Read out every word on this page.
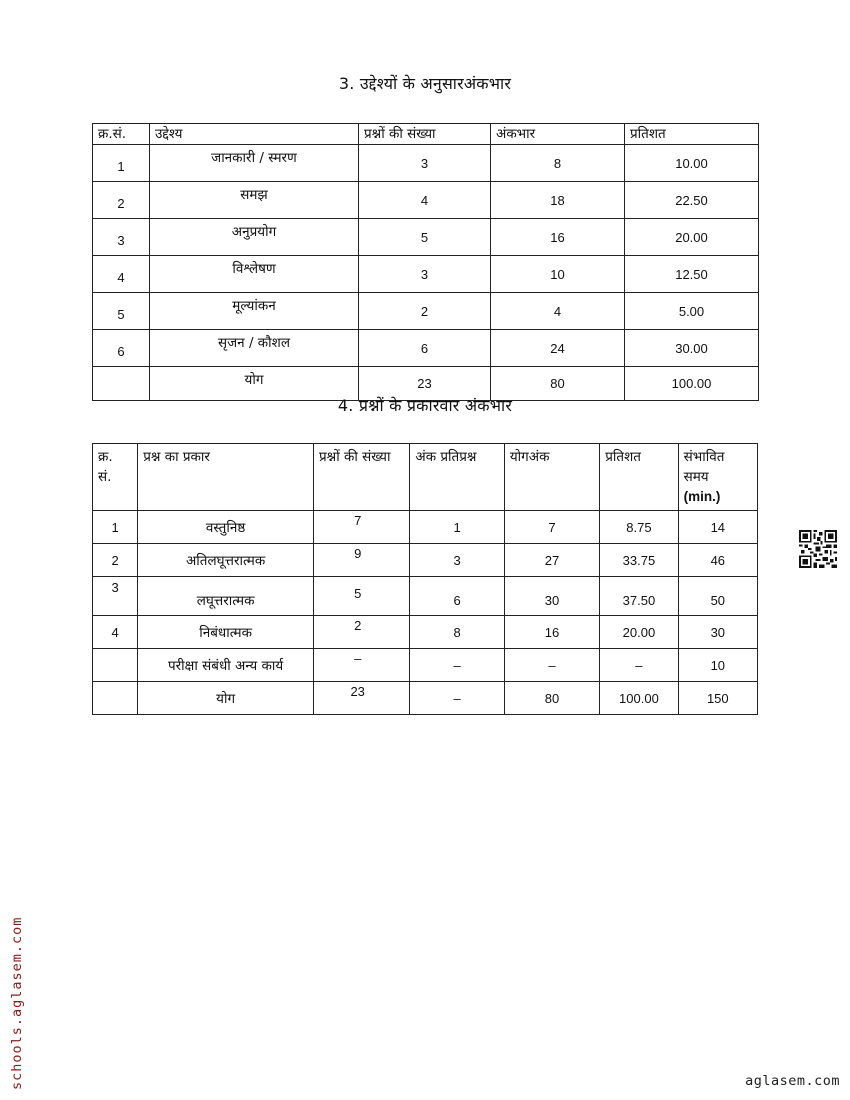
3. उद्देश्यों के अनुसारअंकभार
क्र.सं.	उद्देश्य	प्रश्नों की संख्या	अंकभार	प्रतिशत
1	जानकारी / स्मरण	3	8	10.00
2	समझ	4	18	22.50
3	अनुप्रयोग	5	16	20.00
4	विश्लेषण	3	10	12.50
5	मूल्यांकन	2	4	5.00
6	सृजन / कौशल	6	24	30.00
	योग	23	80	100.00
4. प्रश्नों के प्रकारवार अंकभार
क्र. सं.	प्रश्न का प्रकार	प्रश्नों की संख्या	अंक प्रतिप्रश्न	योगअंक	प्रतिशत	संभावित समय
(min.)

1	वस्तुनिष्ठ	7	1	7	8.75	14
2	अतिलघूत्तरात्मक	9	3	27	33.75	46
3	लघूत्तरात्मक	5	6	30	37.50	50
4	निबंधात्मक	2	8	16	20.00	30
	परीक्षा संबंधी अन्य कार्य	–	–	–	–	10
	योग	23	–	80	100.00	150
schools.aglasem.com	aglasem.com
